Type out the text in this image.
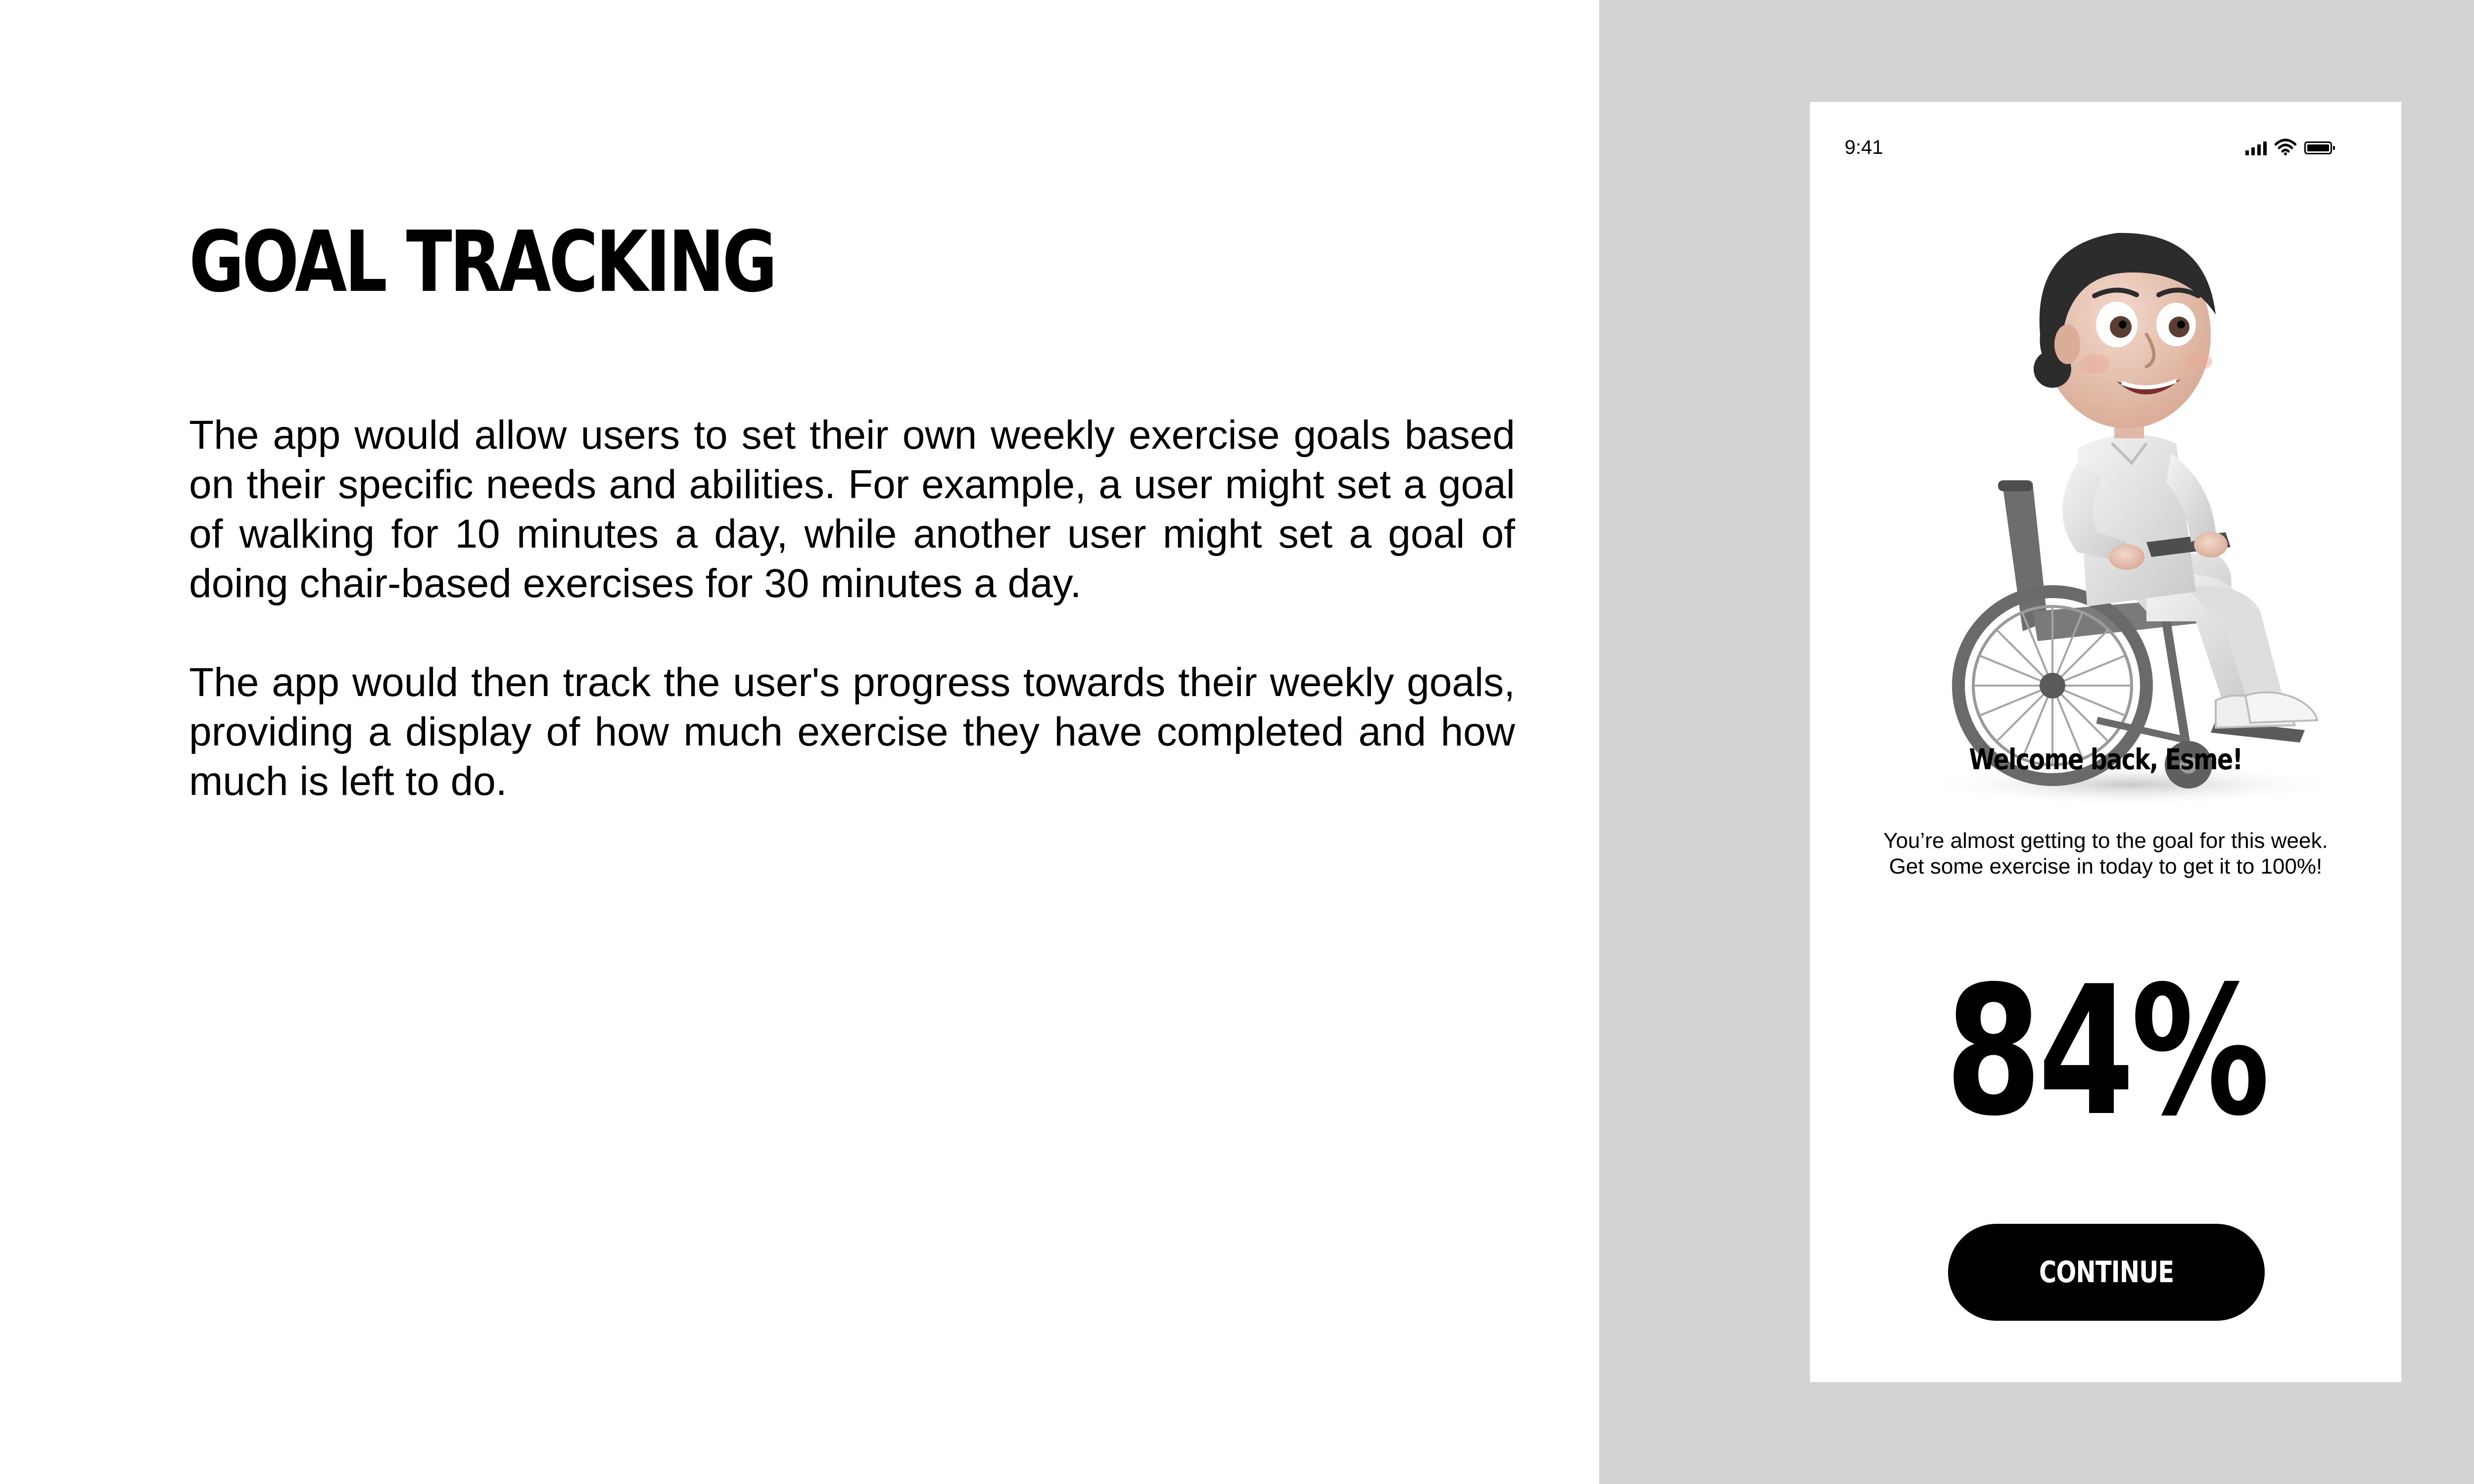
GOAL TRACKING

The app would allow users to set their own weekly exercise goals based on their specific needs and abilities. For example, a user might set a goal of walking for 10 minutes a day, while another user might set a goal of doing chair-based exercises for 30 minutes a day.

The app would then track the user's progress towards their weekly goals, providing a display of how much exercise they have completed and how much is left to do.

9:41
Welcome back, Esme!

You’re almost getting to the goal for this week.
Get some exercise in today to get it to 100%!

84%
CONTINUE
